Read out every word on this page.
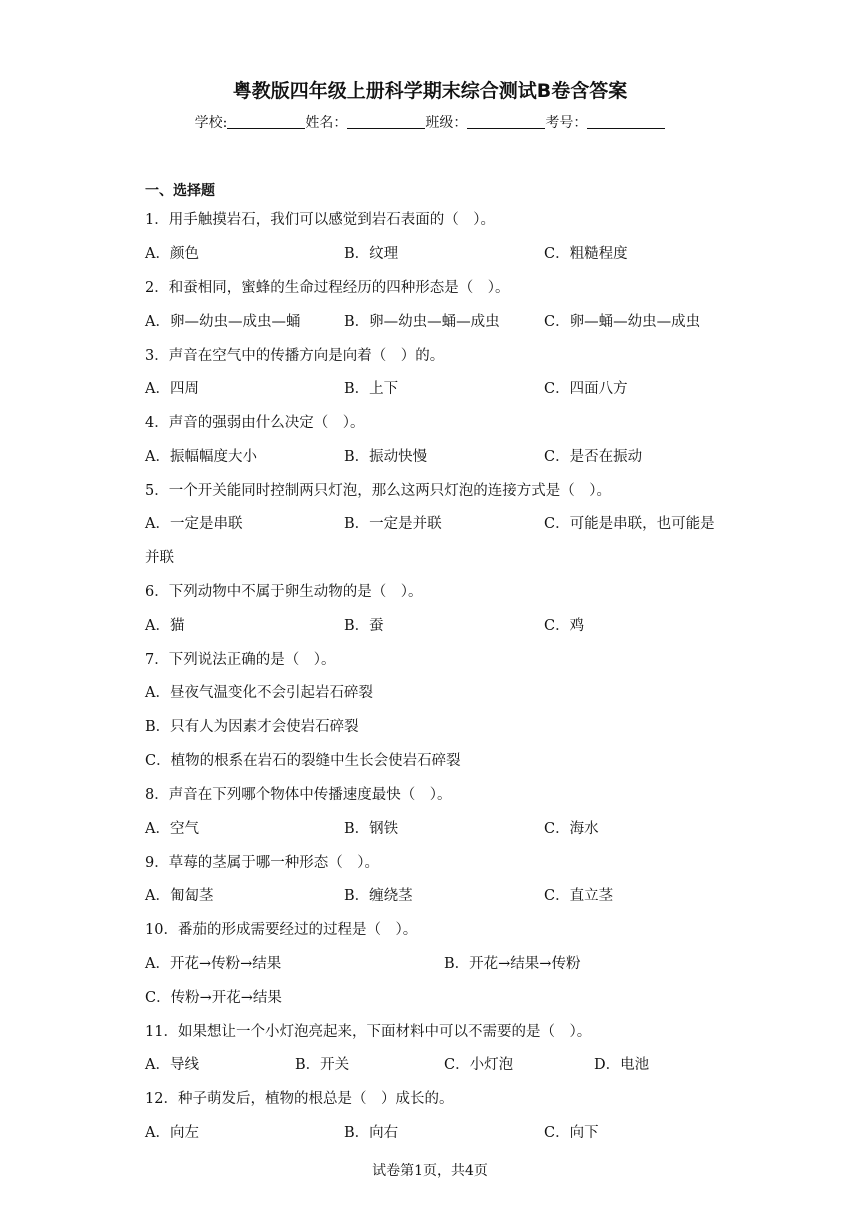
粤教版四年级上册科学期末综合测试B卷含答案
学校:	姓名：	班级：	考号：
一、选择题
1．用手触摸岩石，我们可以感觉到岩石表面的（　）。
A．颜色	B．纹理	C．粗糙程度
2．和蚕相同，蜜蜂的生命过程经历的四种形态是（　）。
A．卵—幼虫—成虫—蛹	B．卵—幼虫—蛹—成虫	C．卵—蛹—幼虫—成虫
3．声音在空气中的传播方向是向着（　）的。
A．四周	B．上下	C．四面八方
4．声音的强弱由什么决定（　）。
A．振幅幅度大小	B．振动快慢	C．是否在振动
5．一个开关能同时控制两只灯泡，那么这两只灯泡的连接方式是（　）。
A．一定是串联	B．一定是并联	C．可能是串联，也可能是
并联
6．下列动物中不属于卵生动物的是（　）。
A．猫	B．蚕	C．鸡
7．下列说法正确的是（　）。
A．昼夜气温变化不会引起岩石碎裂
B．只有人为因素才会使岩石碎裂
C．植物的根系在岩石的裂缝中生长会使岩石碎裂
8．声音在下列哪个物体中传播速度最快（　）。
A．空气	B．钢铁	C．海水
9．草莓的茎属于哪一种形态（　）。
A．匍匐茎	B．缠绕茎	C．直立茎
10．番茄的形成需要经过的过程是（　）。
A．开花→传粉→结果	B．开花→结果→传粉
C．传粉→开花→结果
11．如果想让一个小灯泡亮起来，下面材料中可以不需要的是（　）。
A．导线	B．开关	C．小灯泡	D．电池
12．种子萌发后，植物的根总是（　）成长的。
A．向左	B．向右	C．向下
试卷第1页，共4页
